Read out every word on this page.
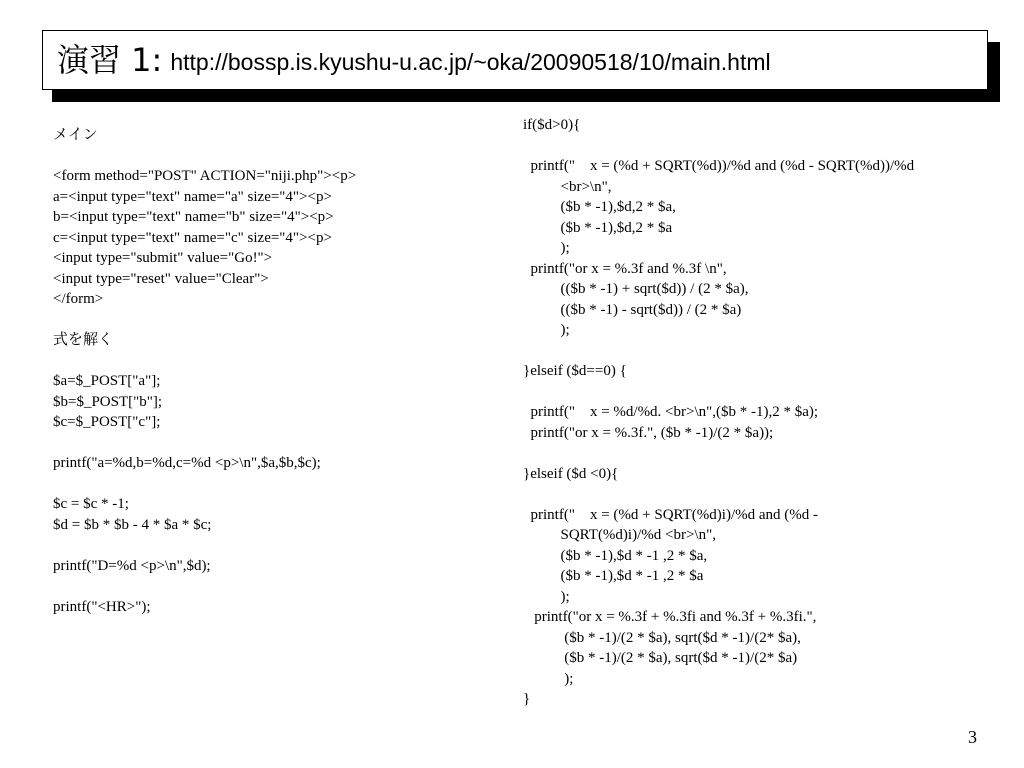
演習 1: http://bossp.is.kyushu-u.ac.jp/~oka/20090518/10/main.html
メイン
<form method="POST" ACTION="niji.php"><p>
a=<input type="text" name="a" size="4"><p>
b=<input type="text" name="b" size="4"><p>
c=<input type="text" name="c" size="4"><p>
<input type="submit" value="Go!">
<input type="reset" value="Clear">
</form>
式を解く
$a=$_POST["a"];
$b=$_POST["b"];
$c=$_POST["c"];
printf("a=%d,b=%d,c=%d <p>\n",$a,$b,$c);
$c = $c * -1;
$d = $b * $b - 4 * $a * $c;
printf("D=%d <p>\n",$d);
printf("<HR>");
if($d>0){
printf("    x = (%d + SQRT(%d))/%d and (%d - SQRT(%d))/%d
<br>\n",
($b * -1),$d,2 * $a,
($b * -1),$d,2 * $a
);
printf("or x = %.3f and %.3f \n",
(($b * -1) + sqrt($d)) / (2 * $a),
(($b * -1) - sqrt($d)) / (2 * $a)
);
}elseif ($d==0) {
printf("    x = %d/%d. <br>\n",($b * -1),2 * $a);
printf("or x = %.3f.", ($b * -1)/(2 * $a));
}elseif ($d <0){
printf("    x = (%d + SQRT(%d)i)/%d and (%d -
SQRT(%d)i)/%d <br>\n",
($b * -1),$d * -1 ,2 * $a,
($b * -1),$d * -1 ,2 * $a
);
printf("or x = %.3f + %.3fi and %.3f + %.3fi.",
($b * -1)/(2 * $a), sqrt($d * -1)/(2* $a),
($b * -1)/(2 * $a), sqrt($d * -1)/(2* $a)
);
}
3
